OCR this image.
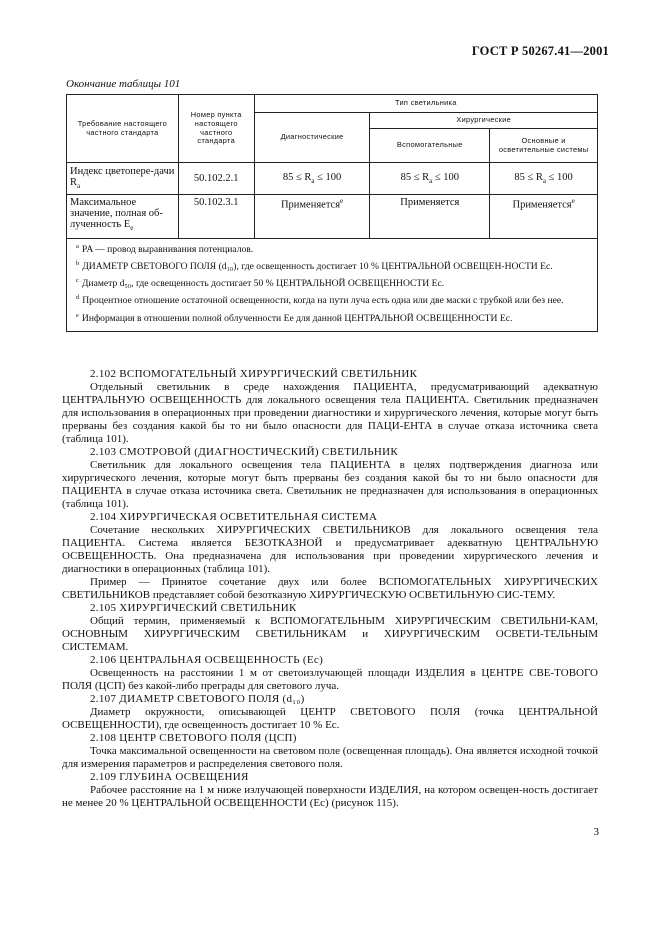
ГОСТ Р 50267.41—2001
Окончание таблицы 101
Требование настоящего частного стандарта	Номер пункта настоящего частного стандарта	Тип светильника		
		Диагностические	Хирургические	
			Вспомогательные	Основные и осветительные системы
Индекс цветопере-дачи $R_a$	50.102.2.1	$85 \le R_a \le 100$	$85 \le R_a \le 100$	$85 \le R_a \le 100$
Максимальное значение, полная об-лученность $E_e$	50.102.3.1	Применяется$^e$	Применяется	Применяется$^e$

$^a$ PA — провод выравнивания потенциалов.
$^b$ ДИАМЕТР СВЕТОВОГО ПОЛЯ (d₁₀), где освещенность достигает 10 % ЦЕНТРАЛЬНОЙ ОСВЕЩЕН-НОСТИ Eс.
$^c$ Диаметр d₅₀, где освещенность достигает 50 % ЦЕНТРАЛЬНОЙ ОСВЕЩЕННОСТИ Eс.
$^d$ Процентное отношение остаточной освещенности, когда на пути луча есть одна или две маски с трубкой или без нее.
$^e$ Информация в отношении полной облученности Eе для данной ЦЕНТРАЛЬНОЙ ОСВЕЩЕННОСТИ Eс.				

2.102 ВСПОМОГАТЕЛЬНЫЙ ХИРУРГИЧЕСКИЙ СВЕТИЛЬНИК

Отдельный светильник в среде нахождения ПАЦИЕНТА, предусматривающий адекватную ЦЕНТРАЛЬНУЮ ОСВЕЩЕННОСТЬ для локального освещения тела ПАЦИЕНТА. Светильник предназначен для использования в операционных при проведении диагностики и хирургического лечения, которые могут быть прерваны без создания какой бы то ни было опасности для ПАЦИ-ЕНТА в случае отказа источника света (таблица 101).

2.103 СМОТРОВОЙ (ДИАГНОСТИЧЕСКИЙ) СВЕТИЛЬНИК

Светильник для локального освещения тела ПАЦИЕНТА в целях подтверждения диагноза или хирургического лечения, которые могут быть прерваны без создания какой бы то ни было опасности для ПАЦИЕНТА в случае отказа источника света. Светильник не предназначен для использования в операционных (таблица 101).

2.104 ХИРУРГИЧЕСКАЯ ОСВЕТИТЕЛЬНАЯ СИСТЕМА

Сочетание нескольких ХИРУРГИЧЕСКИХ СВЕТИЛЬНИКОВ для локального освещения тела ПАЦИЕНТА. Система является БЕЗОТКАЗНОЙ и предусматривает адекватную ЦЕНТРАЛЬНУЮ ОСВЕЩЕННОСТЬ. Она предназначена для использования при проведении хирургического лечения и диагностики в операционных (таблица 101).

Пример — Принятое сочетание двух или более ВСПОМОГАТЕЛЬНЫХ ХИРУРГИЧЕСКИХ СВЕТИЛЬНИКОВ представляет собой безотказную ХИРУРГИЧЕСКУЮ ОСВЕТИЛЬНУЮ СИС-ТЕМУ.

2.105 ХИРУРГИЧЕСКИЙ СВЕТИЛЬНИК

Общий термин, применяемый к ВСПОМОГАТЕЛЬНЫМ ХИРУРГИЧЕСКИМ СВЕТИЛЬНИ-КАМ, ОСНОВНЫМ ХИРУРГИЧЕСКИМ СВЕТИЛЬНИКАМ и ХИРУРГИЧЕСКИМ ОСВЕТИ-ТЕЛЬНЫМ СИСТЕМАМ.

2.106 ЦЕНТРАЛЬНАЯ ОСВЕЩЕННОСТЬ (Eс)

Освещенность на расстоянии 1 м от светоизлучающей площади ИЗДЕЛИЯ в ЦЕНТРЕ СВЕ-ТОВОГО ПОЛЯ (ЦСП) без какой-либо преграды для светового луча.

2.107 ДИАМЕТР СВЕТОВОГО ПОЛЯ (d₁₀)

Диаметр окружности, описывающей ЦЕНТР СВЕТОВОГО ПОЛЯ (точка ЦЕНТРАЛЬНОЙ ОСВЕЩЕННОСТИ), где освещенность достигает 10 % Eс.

2.108 ЦЕНТР СВЕТОВОГО ПОЛЯ (ЦСП)

Точка максимальной освещенности на световом поле (освещенная площадь). Она является исходной точкой для измерения параметров и распределения светового поля.

2.109 ГЛУБИНА ОСВЕЩЕНИЯ

Рабочее расстояние на 1 м ниже излучающей поверхности ИЗДЕЛИЯ, на котором освещен-ность достигает не менее 20 % ЦЕНТРАЛЬНОЙ ОСВЕЩЕННОСТИ (Eс) (рисунок 115).

3
